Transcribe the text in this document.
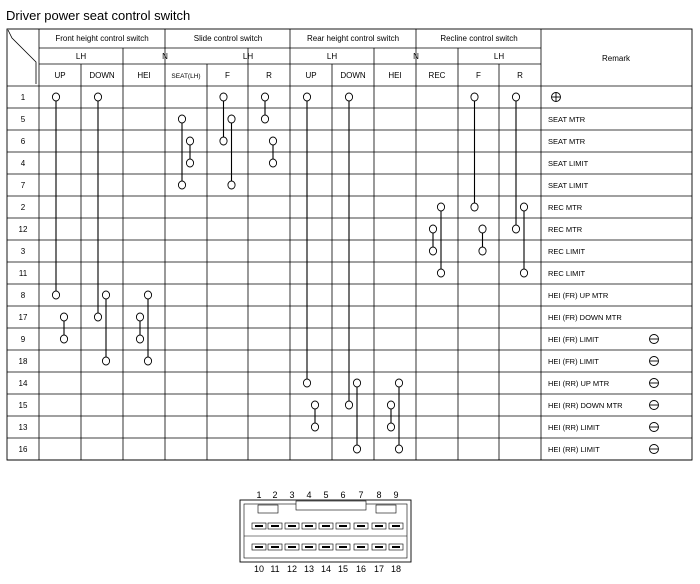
Driver power seat control switch
Front height control switch	Slide control switch	Rear height control switch	Recline control switch
LH	N	LH	LH	N	LH
UP	DOWN	HEI	SEAT(LH)	F	R	UP	DOWN	HEI	REC	F	R
Remark
1
5	SEAT MTR
6	SEAT MTR
4	SEAT LIMIT
7	SEAT LIMIT
2	REC MTR
12	REC MTR
3	REC LIMIT
11	REC LIMIT
8	HEI (FR) UP MTR
17	HEI (FR) DOWN MTR
9	HEI (FR) LIMIT
18	HEI (FR) LIMIT
14	HEI (RR) UP MTR
15	HEI (RR) DOWN MTR
13	HEI (RR) LIMIT
16	HEI (RR) LIMIT
1 2 3 4 5 6 7 8 9
10 11 12 13 14 15 16 17 18
